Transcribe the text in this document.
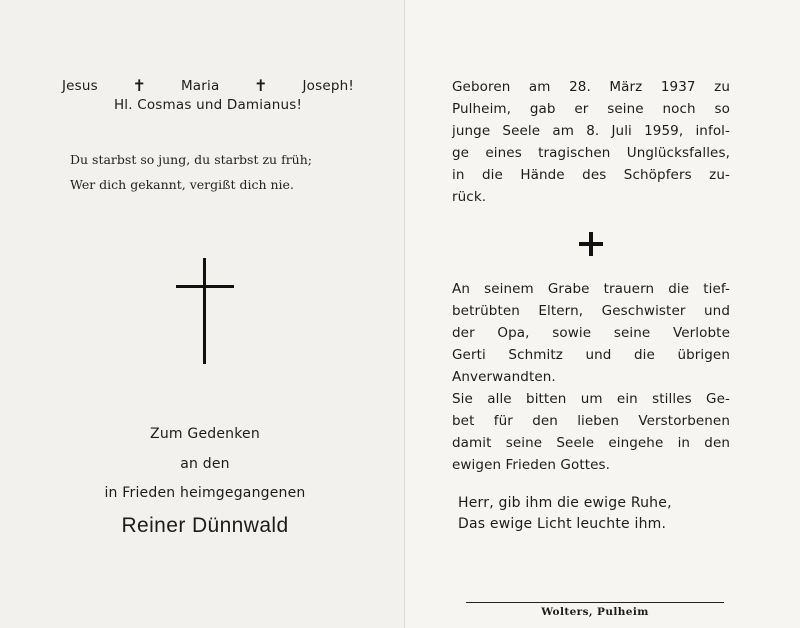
Jesus ✝	Maria ✝	Joseph!
Hl. Cosmas und Damianus!
Du starbst so jung, du starbst zu früh;
Wer dich gekannt, vergißt dich nie.
Zum Gedenken
an den
in Frieden heimgegangenen
Reiner Dünnwald
Geboren am 28. März 1937 zu
Pulheim, gab er seine noch so
junge Seele am 8. Juli 1959, infol-
ge eines tragischen Unglücksfalles,
in die Hände des Schöpfers zu-
rück.
An seinem Grabe trauern die tief-
betrübten Eltern, Geschwister und
der Opa, sowie seine Verlobte
Gerti Schmitz und die übrigen
Anverwandten.
Sie alle bitten um ein stilles Ge-
bet für den lieben Verstorbenen
damit seine Seele eingehe in den
ewigen Frieden Gottes.
Herr, gib ihm die ewige Ruhe,
Das ewige Licht leuchte ihm.
Wolters, Pulheim
